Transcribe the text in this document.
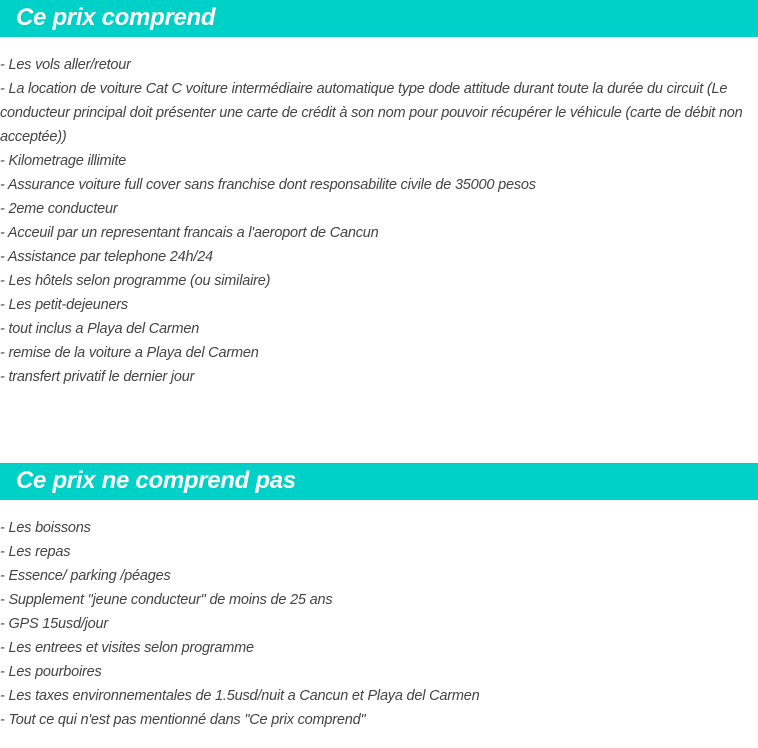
Ce prix comprend
- Les vols aller/retour
- La location de voiture Cat C voiture intermédiaire automatique type dode attitude durant toute la durée du circuit (Le conducteur principal doit présenter une carte de crédit à son nom pour pouvoir récupérer le véhicule (carte de débit non acceptée))
- Kilometrage illimite
- Assurance voiture full cover sans franchise dont responsabilite civile de 35000 pesos
- 2eme conducteur
- Acceuil par un representant francais a l'aeroport de Cancun
- Assistance par telephone 24h/24
- Les hôtels selon programme (ou similaire)
- Les petit-dejeuners
- tout inclus a Playa del Carmen
- remise de la voiture a Playa del Carmen
- transfert privatif le dernier jour
Ce prix ne comprend pas
- Les boissons
- Les repas
- Essence/ parking /péages
- Supplement "jeune conducteur" de moins de 25 ans
- GPS 15usd/jour
- Les entrees et visites selon programme
- Les pourboires
- Les taxes environnementales de 1.5usd/nuit a Cancun et Playa del Carmen
- Tout ce qui n'est pas mentionné dans "Ce prix comprend"
